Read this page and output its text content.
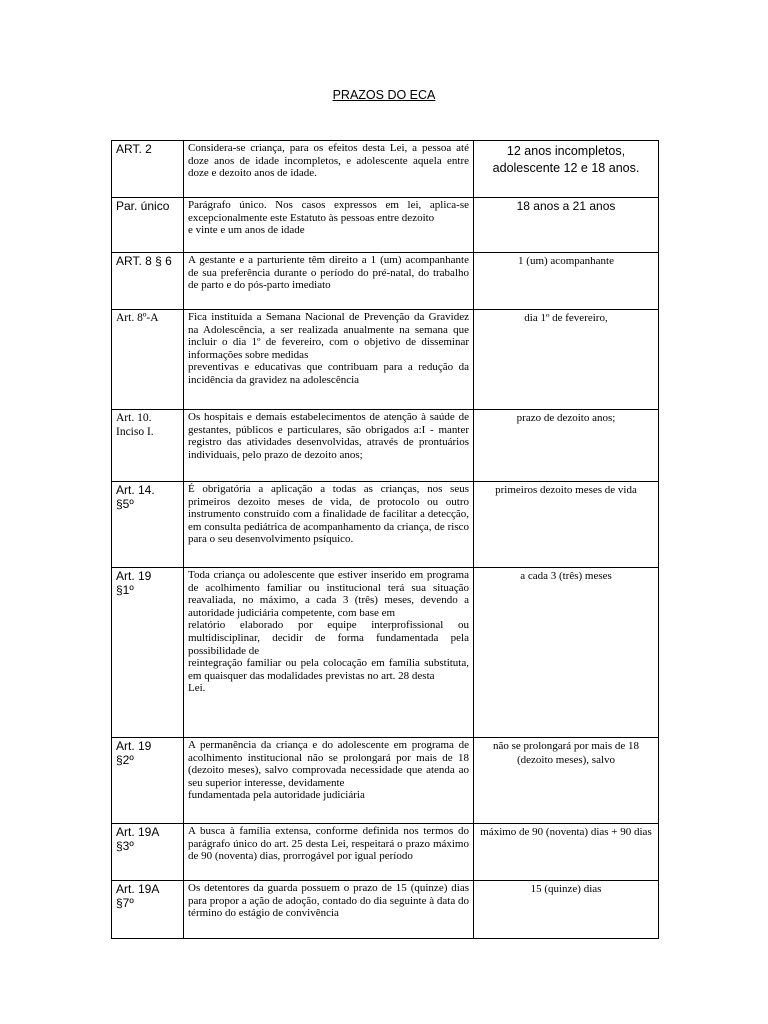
PRAZOS DO ECA
ART. 2	Considera-se criança, para os efeitos desta Lei, a pessoa até doze anos de idade incompletos, e adolescente aquela entre doze e dezoito anos de idade.	12 anos incompletos, adolescente 12 e 18 anos.
Par. único	Parágrafo único. Nos casos expressos em lei, aplica-se excepcionalmente este Estatuto às pessoas entre dezoito
e vinte e um anos de idade	18 anos a 21 anos
ART. 8 § 6	A gestante e a parturiente têm direito a 1 (um) acompanhante de sua preferência durante o período do pré-natal, do trabalho de parto e do pós-parto imediato	1 (um) acompanhante
Art. 8º-A	Fica instituída a Semana Nacional de Prevenção da Gravidez na Adolescência, a ser realizada anualmente na semana que incluir o dia 1º de fevereiro, com o objetivo de disseminar informações sobre medidas
preventivas e educativas que contribuam para a redução da incidência da gravidez na adolescência	dia 1º de fevereiro,
Art. 10.
Inciso I.	Os hospitais e demais estabelecimentos de atenção à saúde de gestantes, públicos e particulares, são obrigados a:I - manter registro das atividades desenvolvidas, através de prontuários individuais, pelo prazo de dezoito anos;	prazo de dezoito anos;
Art. 14.
§5º	É obrigatória a aplicação a todas as crianças, nos seus primeiros dezoito meses de vida, de protocolo ou outro instrumento construído com a finalidade de facilitar a detecção, em consulta pediátrica de acompanhamento da criança, de risco para o seu desenvolvimento psíquico.	primeiros dezoito meses de vida
Art. 19
§1º	Toda criança ou adolescente que estiver inserido em programa de acolhimento familiar ou institucional terá sua situação reavaliada, no máximo, a cada 3 (três) meses, devendo a autoridade judiciária competente, com base em
relatório elaborado por equipe interprofissional ou multidisciplinar, decidir de forma fundamentada pela possibilidade de
reintegração familiar ou pela colocação em família substituta, em quaisquer das modalidades previstas no art. 28 desta
Lei.	a cada 3 (três) meses
Art. 19
§2º	A permanência da criança e do adolescente em programa de acolhimento institucional não se prolongará por mais de 18 (dezoito meses), salvo comprovada necessidade que atenda ao seu superior interesse, devidamente
fundamentada pela autoridade judiciária	não se prolongará por mais de 18 (dezoito meses), salvo
Art. 19A
§3º	A busca à família extensa, conforme definida nos termos do parágrafo único do art. 25 desta Lei, respeitará o prazo máximo de 90 (noventa) dias, prorrogável por igual período	máximo de 90 (noventa) dias + 90 dias
Art. 19A
§7º	Os detentores da guarda possuem o prazo de 15 (quinze) dias para propor a ação de adoção, contado do dia seguinte à data do término do estágio de convivência	15 (quinze) dias
